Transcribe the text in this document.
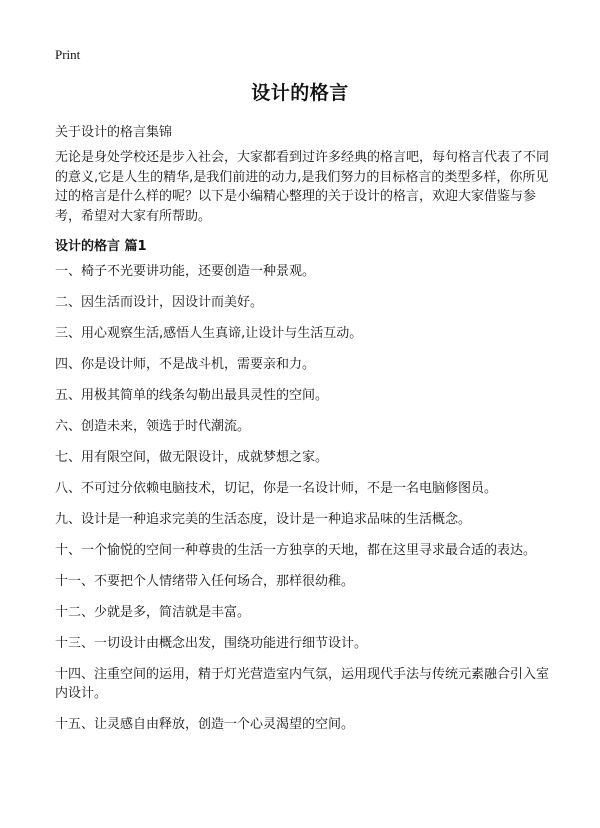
Print
设计的格言
关于设计的格言集锦
无论是身处学校还是步入社会，大家都看到过许多经典的格言吧，每句格言代表了不同的意义,它是人生的精华,是我们前进的动力,是我们努力的目标格言的类型多样，你所见过的格言是什么样的呢？以下是小编精心整理的关于设计的格言，欢迎大家借鉴与参考，希望对大家有所帮助。
设计的格言 篇1
一、椅子不光要讲功能，还要创造一种景观。
二、因生活而设计，因设计而美好。
三、用心观察生活,感悟人生真谛,让设计与生活互动。
四、你是设计师，不是战斗机，需要亲和力。
五、用极其简单的线条勾勒出最具灵性的空间。
六、创造未来，领选于时代潮流。
七、用有限空间，做无限设计，成就梦想之家。
八、不可过分依赖电脑技术，切记，你是一名设计师，不是一名电脑修图员。
九、设计是一种追求完美的生活态度，设计是一种追求品味的生活概念。
十、一个愉悦的空间一种尊贵的生活一方独享的天地，都在这里寻求最合适的表达。
十一、不要把个人情绪带入任何场合，那样很幼稚。
十二、少就是多，简洁就是丰富。
十三、一切设计由概念出发，围绕功能进行细节设计。
十四、注重空间的运用，精于灯光营造室内气氛，运用现代手法与传统元素融合引入室内设计。
十五、让灵感自由释放，创造一个心灵渴望的空间。
